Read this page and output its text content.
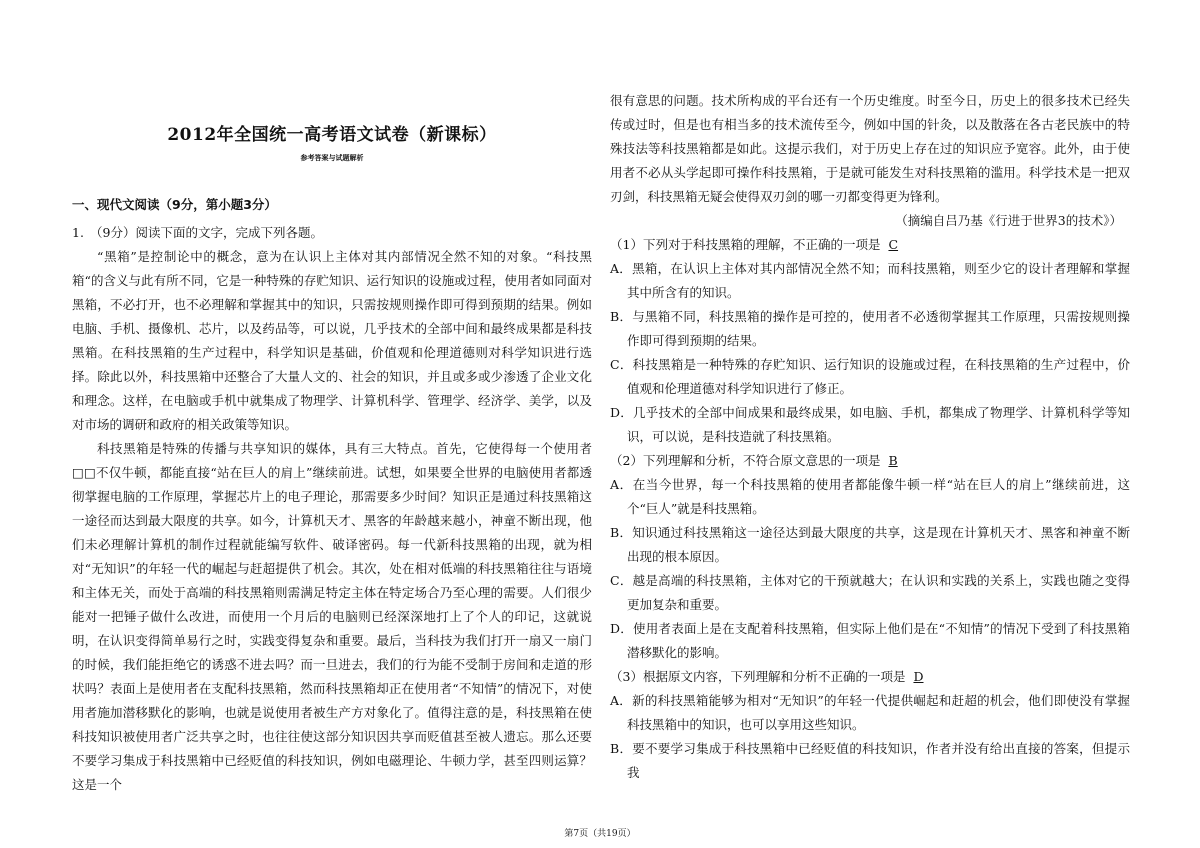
2012年全国统一高考语文试卷（新课标）

参考答案与试题解析

一、现代文阅读（9分，第小题3分）

1. （9分）阅读下面的文字，完成下列各题。

“黑箱”是控制论中的概念，意为在认识上主体对其内部情况全然不知的对象。“科技黑箱“的含义与此有所不同，它是一种特殊的存贮知识、运行知识的设施或过程，使用者如同面对黑箱，不必打开，也不必理解和掌握其中的知识，只需按规则操作即可得到预期的结果。例如电脑、手机、摄像机、芯片，以及药品等，可以说，几乎技术的全部中间和最终成果都是科技黑箱。在科技黑箱的生产过程中，科学知识是基础，价值观和伦理道德则对科学知识进行选择。除此以外，科技黑箱中还整合了大量人文的、社会的知识，并且或多或少渗透了企业文化和理念。这样，在电脑或手机中就集成了物理学、计算机科学、管理学、经济学、美学，以及对市场的调研和政府的相关政策等知识。

科技黑箱是特殊的传播与共享知识的媒体，具有三大特点。首先，它使得每一个使用者□□不仅牛顿，都能直接“站在巨人的肩上”继续前进。试想，如果要全世界的电脑使用者都透彻掌握电脑的工作原理，掌握芯片上的电子理论，那需要多少时间？知识正是通过科技黑箱这一途径而达到最大限度的共享。如今，计算机天才、黑客的年龄越来越小，神童不断出现，他们未必理解计算机的制作过程就能编写软件、破译密码。每一代新科技黑箱的出现，就为相对“无知识”的年轻一代的崛起与赶超提供了机会。其次，处在相对低端的科技黑箱往往与语境和主体无关，而处于高端的科技黑箱则需满足特定主体在特定场合乃至心理的需要。人们很少能对一把锤子做什么改进，而使用一个月后的电脑则已经深深地打上了个人的印记，这就说明，在认识变得简单易行之时，实践变得复杂和重要。最后，当科技为我们打开一扇又一扇门的时候，我们能拒绝它的诱惑不进去吗？而一旦进去，我们的行为能不受制于房间和走道的形状吗？表面上是使用者在支配科技黑箱，然而科技黑箱却正在使用者“不知情”的情况下，对使用者施加潜移默化的影响，也就是说使用者被生产方对象化了。值得注意的是，科技黑箱在使科技知识被使用者广泛共享之时，也往往使这部分知识因共享而贬值甚至被人遗忘。那么还要不要学习集成于科技黑箱中已经贬值的科技知识，例如电磁理论、牛顿力学，甚至四则运算？这是一个

很有意思的问题。技术所构成的平台还有一个历史维度。时至今日，历史上的很多技术已经失传或过时，但是也有相当多的技术流传至今，例如中国的针灸，以及散落在各古老民族中的特殊技法等科技黑箱都是如此。这提示我们，对于历史上存在过的知识应予宽容。此外，由于使用者不必从头学起即可操作科技黑箱，于是就可能发生对科技黑箱的滥用。科学技术是一把双刃剑，科技黑箱无疑会使得双刃剑的哪一刃都变得更为锋利。

（摘编自吕乃基《行进于世界3的技术》）

（1）下列对于科技黑箱的理解，不正确的一项是 C

A．黑箱，在认识上主体对其内部情况全然不知；而科技黑箱，则至少它的设计者理解和掌握其中所含有的知识。

B．与黑箱不同，科技黑箱的操作是可控的，使用者不必透彻掌握其工作原理，只需按规则操作即可得到预期的结果。

C．科技黑箱是一种特殊的存贮知识、运行知识的设施或过程，在科技黑箱的生产过程中，价值观和伦理道德对科学知识进行了修正。

D．几乎技术的全部中间成果和最终成果，如电脑、手机，都集成了物理学、计算机科学等知识，可以说，是科技造就了科技黑箱。

（2）下列理解和分析，不符合原文意思的一项是 B

A．在当今世界，每一个科技黑箱的使用者都能像牛顿一样“站在巨人的肩上”继续前进，这个“巨人”就是科技黑箱。

B．知识通过科技黑箱这一途径达到最大限度的共享，这是现在计算机天才、黑客和神童不断出现的根本原因。

C．越是高端的科技黑箱，主体对它的干预就越大；在认识和实践的关系上，实践也随之变得更加复杂和重要。

D．使用者表面上是在支配着科技黑箱，但实际上他们是在“不知情”的情况下受到了科技黑箱潜移默化的影响。

（3）根据原文内容，下列理解和分析不正确的一项是 D

A．新的科技黑箱能够为相对“无知识”的年轻一代提供崛起和赶超的机会，他们即使没有掌握科技黑箱中的知识，也可以享用这些知识。

B．要不要学习集成于科技黑箱中已经贬值的科技知识，作者并没有给出直接的答案，但提示我

第7页（共19页）
